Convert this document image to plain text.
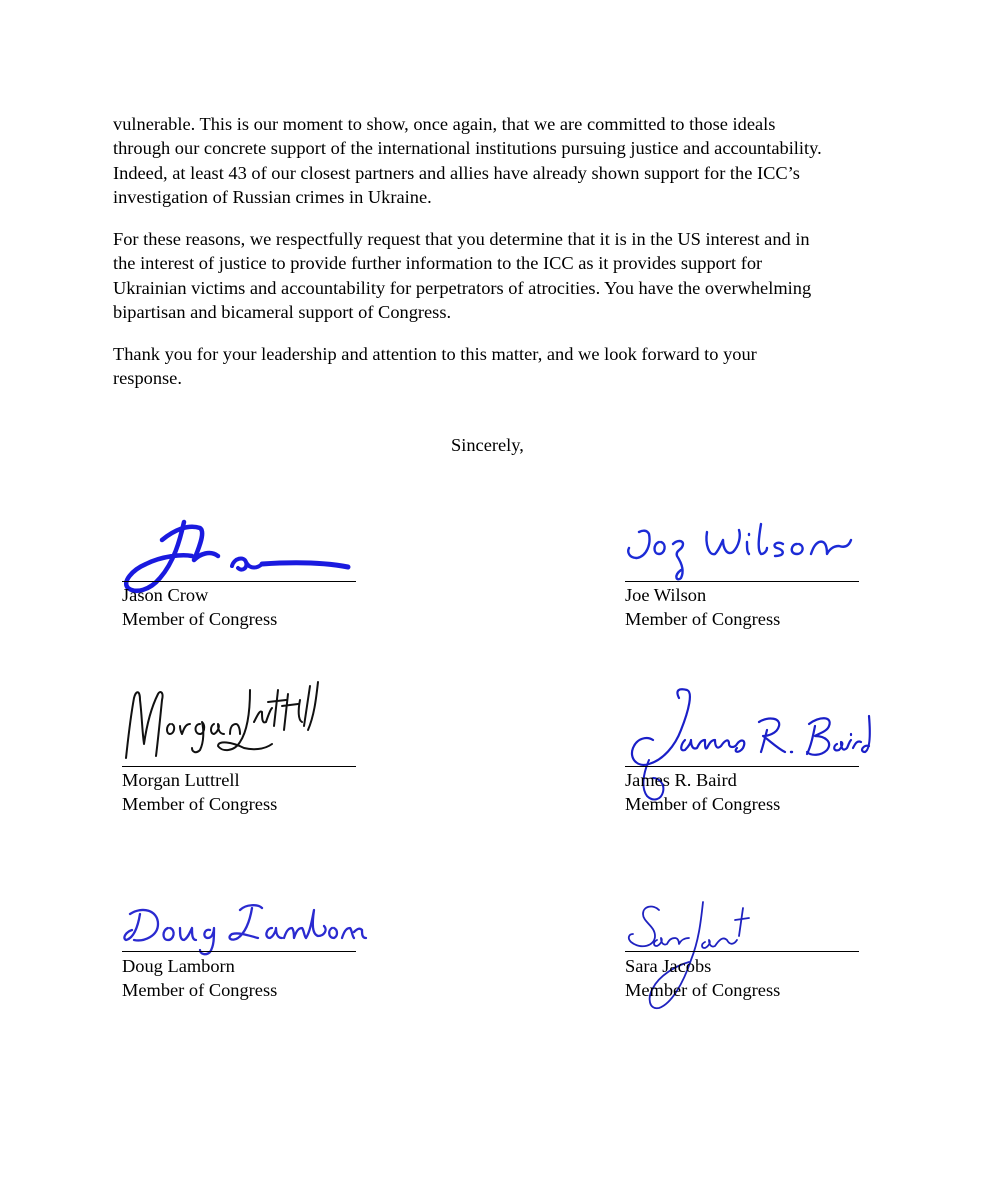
vulnerable. This is our moment to show, once again, that we are committed to those ideals
through our concrete support of the international institutions pursuing justice and accountability.
Indeed, at least 43 of our closest partners and allies have already shown support for the ICC’s
investigation of Russian crimes in Ukraine.

For these reasons, we respectfully request that you determine that it is in the US interest and in
the interest of justice to provide further information to the ICC as it provides support for
Ukrainian victims and accountability for perpetrators of atrocities. You have the overwhelming
bipartisan and bicameral support of Congress.

Thank you for your leadership and attention to this matter, and we look forward to your
response.

Sincerely,

Jason Crow
Member of Congress
Joe Wilson
Member of Congress
Morgan Luttrell
Member of Congress
James R. Baird
Member of Congress
Doug Lamborn
Member of Congress
Sara Jacobs
Member of Congress
